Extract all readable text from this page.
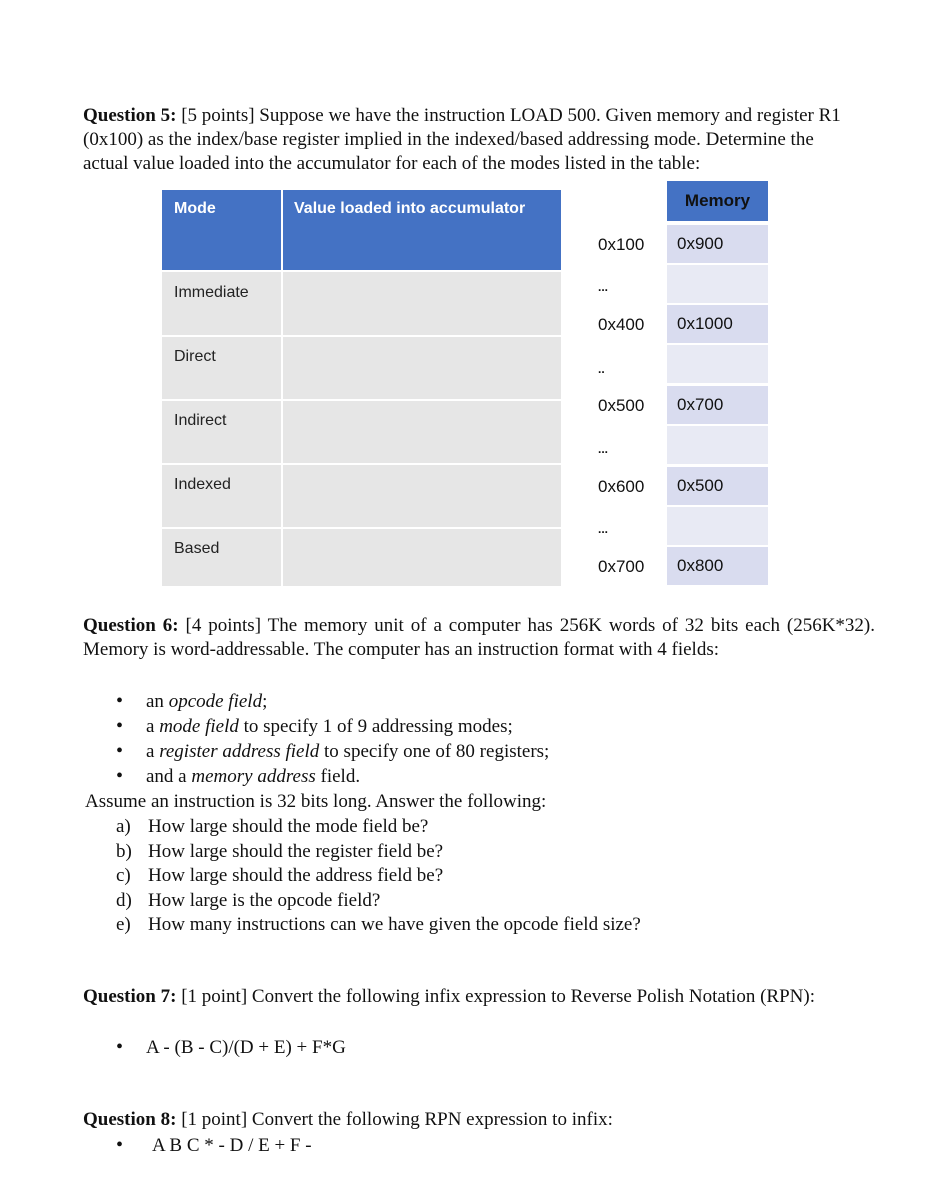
Question 5: [5 points] Suppose we have the instruction LOAD 500. Given memory and register R1 (0x100) as the index/base register implied in the indexed/based addressing mode. Determine the actual value loaded into the accumulator for each of the modes listed in the table:
Mode	Value loaded into accumulator
Immediate
Direct
Indirect
Indexed
Based
Memory
0x900
0x1000
0x700
0x500
0x800
0x100
...
0x400
..
0x500
...
0x600
...
0x700
Question 6: [4 points] The memory unit of a computer has 256K words of 32 bits each (256K*32). Memory is word-addressable. The computer has an instruction format with 4 fields:
• an opcode field;
• a mode field to specify 1 of 9 addressing modes;
• a register address field to specify one of 80 registers;
• and a memory address field.
Assume an instruction is 32 bits long. Answer the following:
a) How large should the mode field be?
b) How large should the register field be?
c) How large should the address field be?
d) How large is the opcode field?
e) How many instructions can we have given the opcode field size?
Question 7: [1 point] Convert the following infix expression to Reverse Polish Notation (RPN):
• A - (B - C)/(D + E) + F*G
Question 8: [1 point] Convert the following RPN expression to infix:
• A B C * - D / E + F -
